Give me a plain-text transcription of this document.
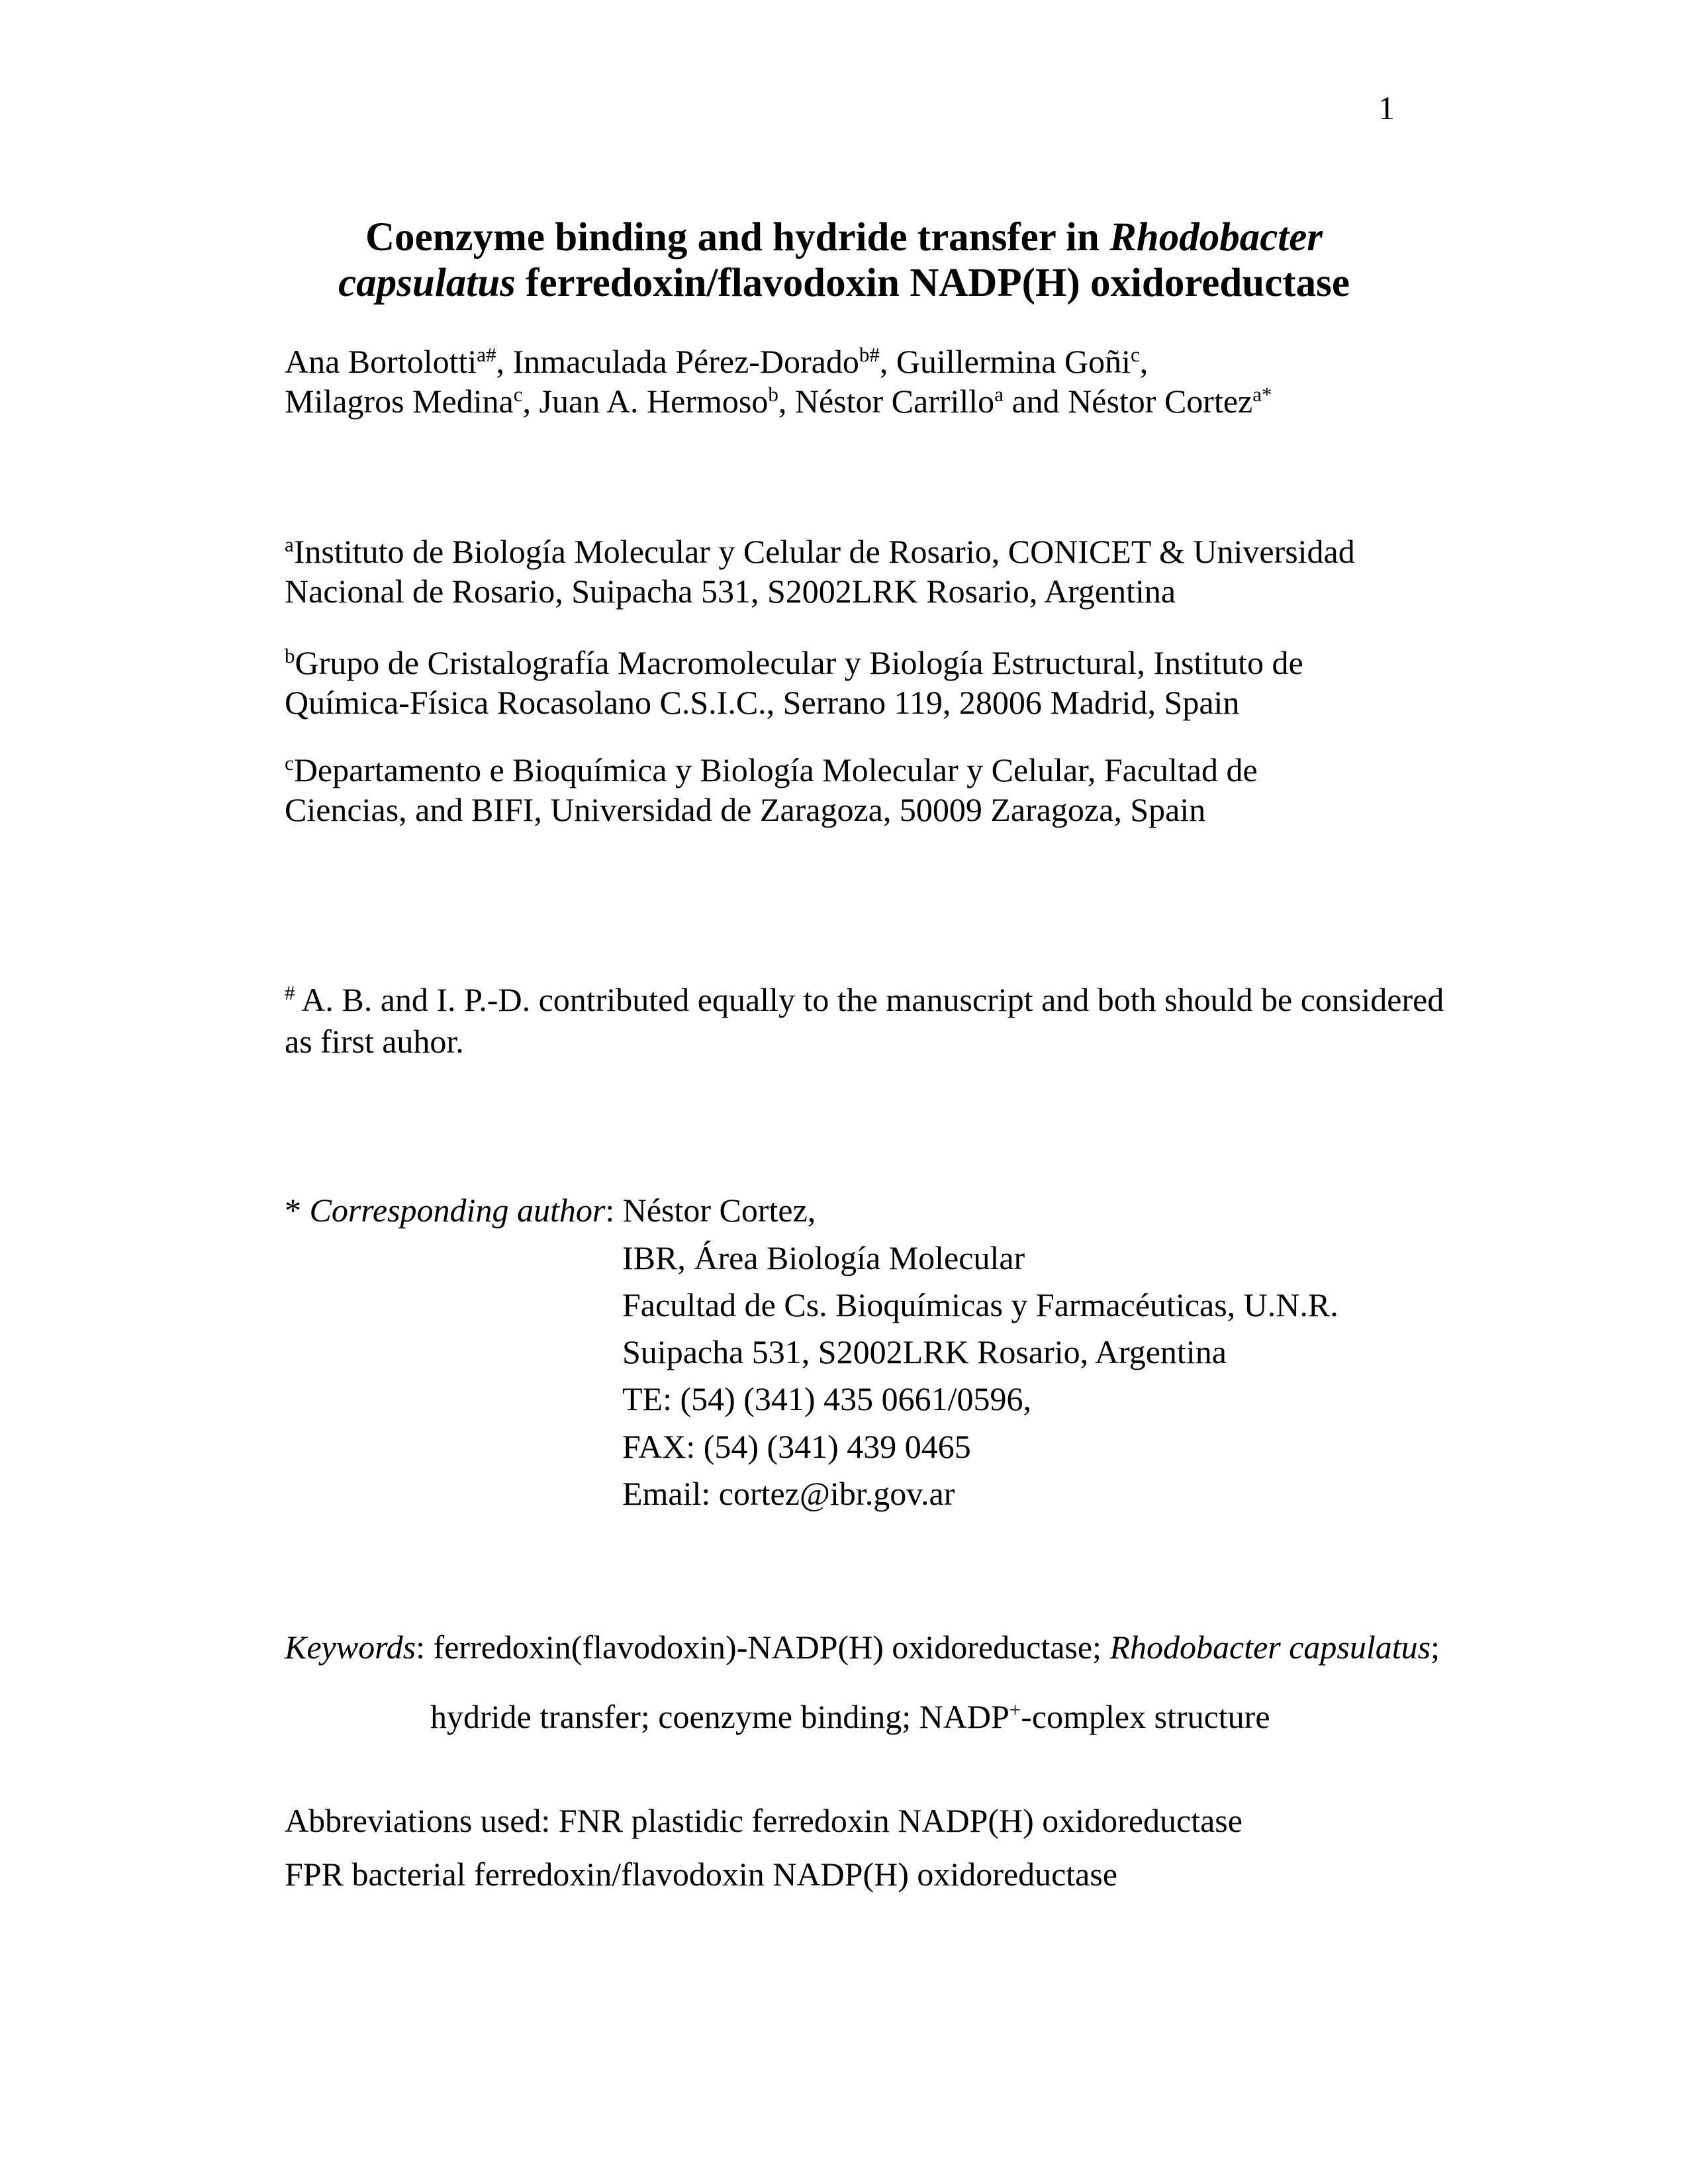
1
Coenzyme binding and hydride transfer in Rhodobacter
capsulatus ferredoxin/flavodoxin NADP(H) oxidoreductase
Ana Bortolotti$^{a\#}$, Inmaculada Pérez-Dorado$^{b\#}$, Guillermina Goñi$^c$,
Milagros Medina$^c$, Juan A. Hermoso$^b$, Néstor Carrillo$^a$ and Néstor Cortez$^{a*}$
$^a$Instituto de Biología Molecular y Celular de Rosario, CONICET & Universidad
Nacional de Rosario, Suipacha 531, S2002LRK Rosario, Argentina
$^b$Grupo de Cristalografía Macromolecular y Biología Estructural, Instituto de
Química-Física Rocasolano C.S.I.C., Serrano 119, 28006 Madrid, Spain
$^c$Departamento e Bioquímica y Biología Molecular y Celular, Facultad de
Ciencias, and BIFI, Universidad de Zaragoza, 50009 Zaragoza, Spain
# A. B. and I. P.-D. contributed equally to the manuscript and both should be considered
as first auhor.
* Corresponding author: Néstor Cortez,
IBR, Área Biología Molecular
Facultad de Cs. Bioquímicas y Farmacéuticas, U.N.R.
Suipacha 531, S2002LRK Rosario, Argentina
TE: (54) (341) 435 0661/0596,
FAX: (54) (341) 439 0465
Email: cortez@ibr.gov.ar
Keywords: ferredoxin(flavodoxin)-NADP(H) oxidoreductase; Rhodobacter capsulatus;
hydride transfer; coenzyme binding; NADP+-complex structure
Abbreviations used: FNR plastidic ferredoxin NADP(H) oxidoreductase
FPR bacterial ferredoxin/flavodoxin NADP(H) oxidoreductase
